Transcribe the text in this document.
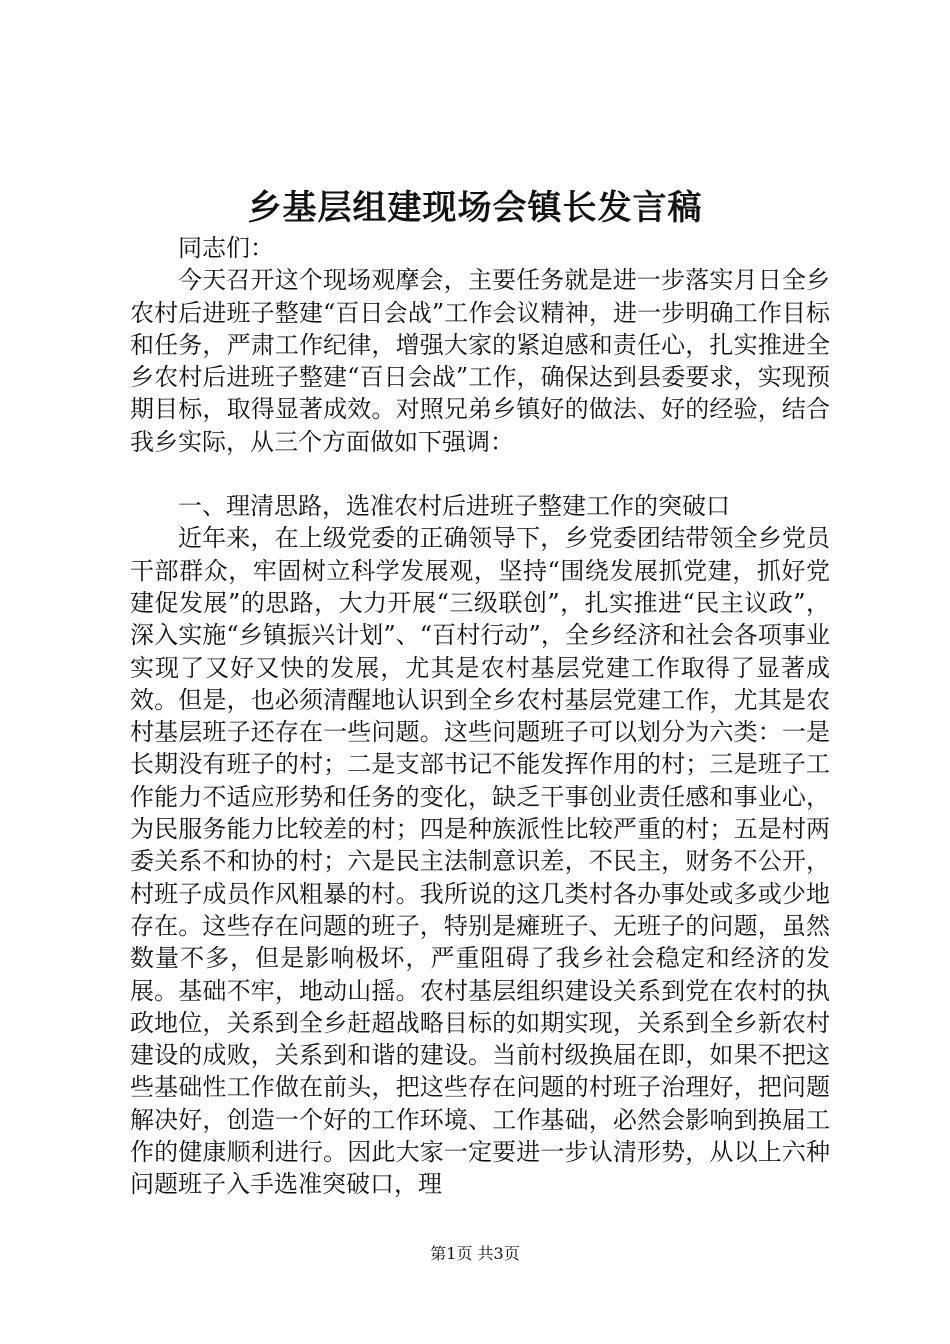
乡基层组建现场会镇长发言稿

同志们：

今天召开这个现场观摩会，主要任务就是进一步落实月日全乡农村后进班子整建“百日会战”工作会议精神，进一步明确工作目标和任务，严肃工作纪律，增强大家的紧迫感和责任心，扎实推进全乡农村后进班子整建“百日会战”工作，确保达到县委要求，实现预期目标，取得显著成效。对照兄弟乡镇好的做法、好的经验，结合我乡实际，从三个方面做如下强调：

一、理清思路，选准农村后进班子整建工作的突破口

近年来，在上级党委的正确领导下，乡党委团结带领全乡党员干部群众，牢固树立科学发展观，坚持“围绕发展抓党建，抓好党建促发展”的思路，大力开展“三级联创”，扎实推进“民主议政”，深入实施“乡镇振兴计划”、“百村行动”，全乡经济和社会各项事业实现了又好又快的发展，尤其是农村基层党建工作取得了显著成效。但是，也必须清醒地认识到全乡农村基层党建工作，尤其是农村基层班子还存在一些问题。这些问题班子可以划分为六类：一是长期没有班子的村；二是支部书记不能发挥作用的村；三是班子工作能力不适应形势和任务的变化，缺乏干事创业责任感和事业心，为民服务能力比较差的村；四是种族派性比较严重的村；五是村两委关系不和协的村；六是民主法制意识差，不民主，财务不公开，村班子成员作风粗暴的村。我所说的这几类村各办事处或多或少地存在。这些存在问题的班子，特别是瘫班子、无班子的问题，虽然数量不多，但是影响极坏，严重阻碍了我乡社会稳定和经济的发展。基础不牢，地动山摇。农村基层组织建设关系到党在农村的执政地位，关系到全乡赶超战略目标的如期实现，关系到全乡新农村建设的成败，关系到和谐的建设。当前村级换届在即，如果不把这些基础性工作做在前头，把这些存在问题的村班子治理好，把问题解决好，创造一个好的工作环境、工作基础，必然会影响到换届工作的健康顺利进行。因此大家一定要进一步认清形势，从以上六种问题班子入手选准突破口，理

第1页 共3页
